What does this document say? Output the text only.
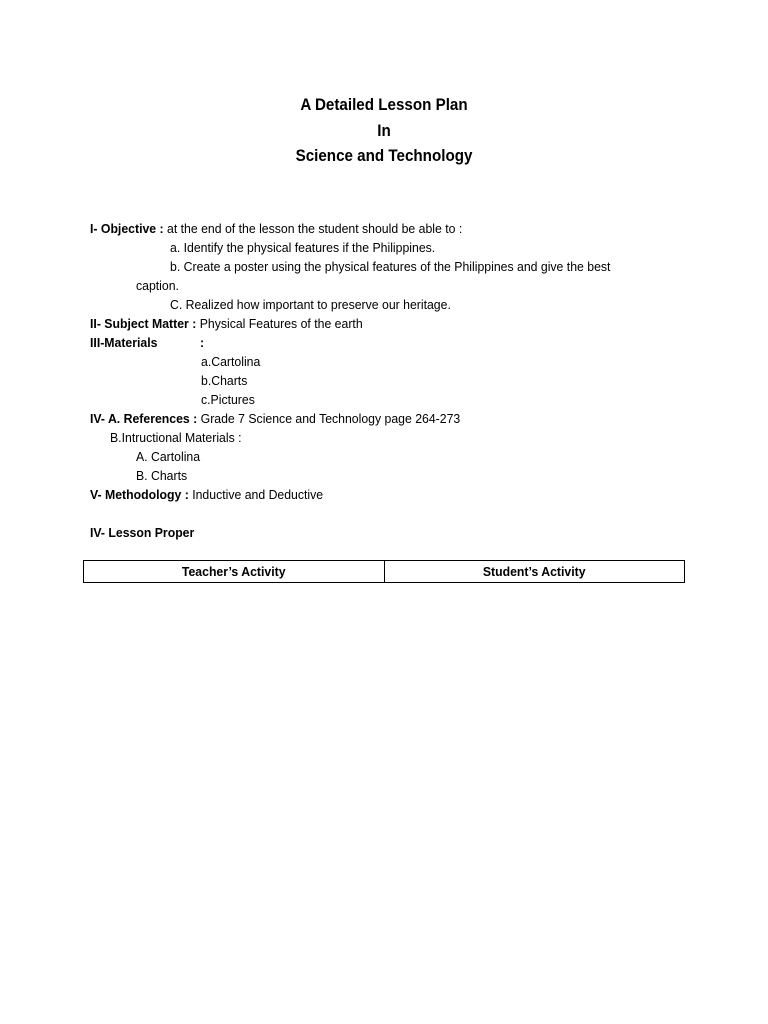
A Detailed Lesson Plan
In
Science and Technology
I- Objective : at the end of the lesson the student should be able to :
a. Identify the physical features if the Philippines.
b. Create a poster using the physical features of the Philippines and give the best
caption.
C. Realized how important to preserve our heritage.
II- Subject Matter : Physical Features of the earth
III-Materials	:
a.Cartolina
b.Charts
c.Pictures
IV- A. References : Grade 7 Science and Technology page 264-273
B.Intructional Materials :
A. Cartolina
B. Charts
V- Methodology : Inductive and Deductive
IV- Lesson Proper
Teacher’s Activity	Student’s Activity
